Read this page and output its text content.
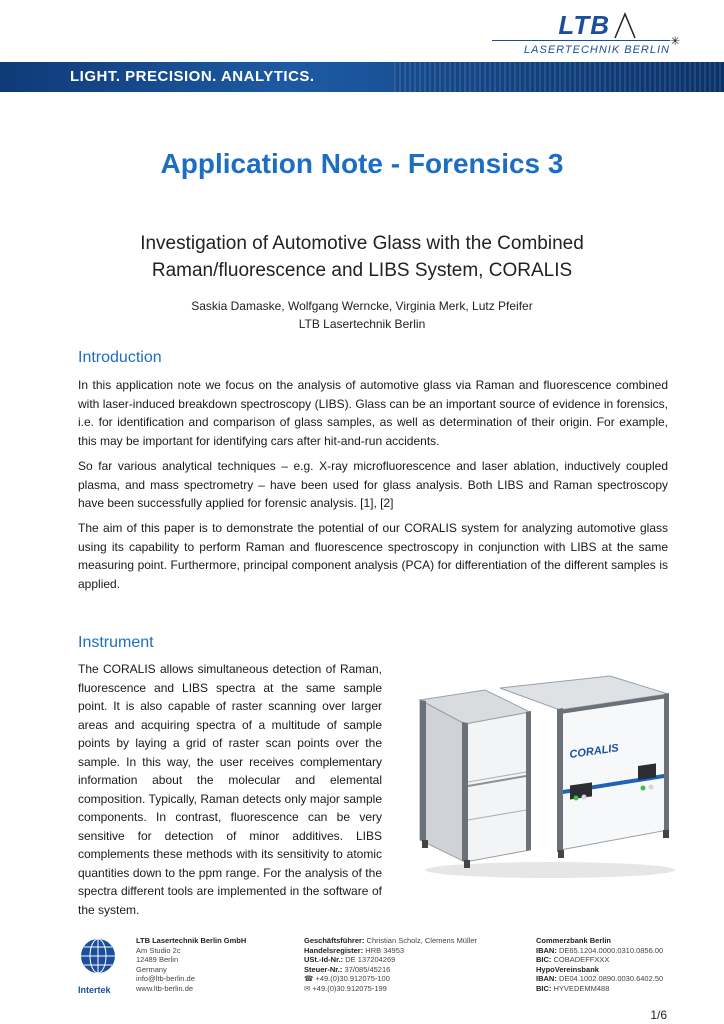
LTB
LASERTECHNIK BERLIN
✳
LIGHT. PRECISION. ANALYTICS.
Application Note - Forensics 3
Investigation of Automotive Glass with the Combined Raman/fluorescence and LIBS System, CORALIS
Saskia Damaske, Wolfgang Werncke, Virginia Merk, Lutz Pfeifer
LTB Lasertechnik Berlin
Introduction
In this application note we focus on the analysis of automotive glass via Raman and fluorescence combined with laser-induced breakdown spectroscopy (LIBS). Glass can be an important source of evidence in forensics, i.e. for identification and comparison of glass samples, as well as determination of their origin. For example, this may be important for identifying cars after hit-and-run accidents.
So far various analytical techniques – e.g. X-ray microfluorescence and laser ablation, inductively coupled plasma, and mass spectrometry – have been used for glass analysis. Both LIBS and Raman spectroscopy have been successfully applied for forensic analysis. [1], [2]
The aim of this paper is to demonstrate the potential of our CORALIS system for analyzing automotive glass using its capability to perform Raman and fluorescence spectroscopy in conjunction with LIBS at the same measuring point. Furthermore, principal component analysis (PCA) for differentiation of the different samples is applied.
Instrument
The CORALIS allows simultaneous detection of Raman, fluorescence and LIBS spectra at the same sample point. It is also capable of raster scanning over larger areas and acquiring spectra of a multitude of sample points by laying a grid of raster scan points over the sample. In this way, the user receives complementary information about the molecular and elemental composition. Typically, Raman detects only major sample components. In contrast, fluorescence can be very sensitive for detection of minor additives. LIBS complements these methods with its sensitivity to atomic quantities down to the ppm range. For the analysis of the spectra different tools are implemented in the software of the system.
CORALIS
Intertek
LTB Lasertechnik Berlin GmbH
Am Studio 2c
12489 Berlin
Germany
info@ltb-berlin.de
www.ltb-berlin.de
Geschäftsführer: Christian Scholz, Clemens Müller
Handelsregister: HRB 34953
USt.-Id-Nr.: DE 137204269
Steuer-Nr.: 37/085/45216
☎ +49.(0)30.912075-100
✉ +49.(0)30.912075-199
Commerzbank Berlin
IBAN: DE65.1204.0000.0310.0856.00
BIC: COBADEFFXXX
HypoVereinsbank
IBAN: DE04.1002.0890.0030.6402.50
BIC: HYVEDEMM488
1/6
